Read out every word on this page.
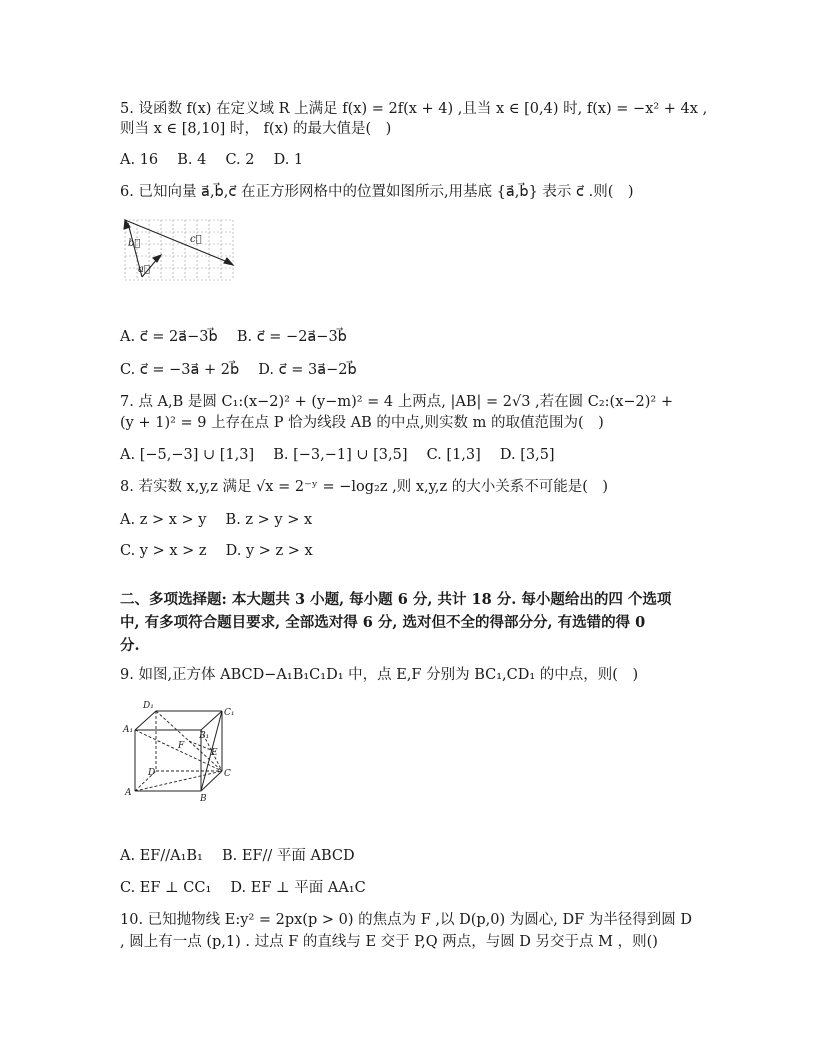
5. 设函数 f(x) 在定义域 R 上满足 f(x) = 2f(x + 4) ,且当 x ∈ [0,4) 时, f(x) = −x² + 4x ,
则当 x ∈ [8,10] 时， f(x) 的最大值是(　)
A. 16　 B. 4　 C. 2　 D. 1
6. 已知向量 a⃗,b⃗,c⃗ 在正方形网格中的位置如图所示,用基底 {a⃗,b⃗} 表示 c⃗ .则(　)
b⃗	c⃗
a⃗
A. c⃗ = 2a⃗−3b⃗　 B. c⃗ = −2a⃗−3b⃗
C. c⃗ = −3a⃗ + 2b⃗　 D. c⃗ = 3a⃗−2b⃗
7. 点 A,B 是圆 C₁:(x−2)² + (y−m)² = 4 上两点, |AB| = 2√3 ,若在圆 C₂:(x−2)² +
(y + 1)² = 9 上存在点 P 恰为线段 AB 的中点,则实数 m 的取值范围为(　)
A. [−5,−3] ∪ [1,3]　 B. [−3,−1] ∪ [3,5]　 C. [1,3]　 D. [3,5]
8. 若实数 x,y,z 满足 √x = 2⁻ʸ = −log₂z ,则 x,y,z 的大小关系不可能是(　)
A. z > x > y　 B. z > y > x
C. y > x > z　 D. y > z > x
二、多项选择题: 本大题共 3 小题, 每小题 6 分, 共计 18 分. 每小题给出的四 个选项
中, 有多项符合题目要求, 全部选对得 6 分, 选对但不全的得部分分, 有选错的得 0
分.
9. 如图,正方体 ABCD−A₁B₁C₁D₁ 中，点 E,F 分别为 BC₁,CD₁ 的中点，则(　)
A
B
C
D
A₁
B₁
C₁
D₁
E
F
A. EF//A₁B₁　 B. EF// 平面 ABCD
C. EF ⊥ CC₁　 D. EF ⊥ 平面 AA₁C
10. 已知抛物线 E:y² = 2px(p > 0) 的焦点为 F ,以 D(p,0) 为圆心, DF 为半径得到圆 D
, 圆上有一点 (p,1) . 过点 F 的直线与 E 交于 P,Q 两点，与圆 D 另交于点 M ，则()
